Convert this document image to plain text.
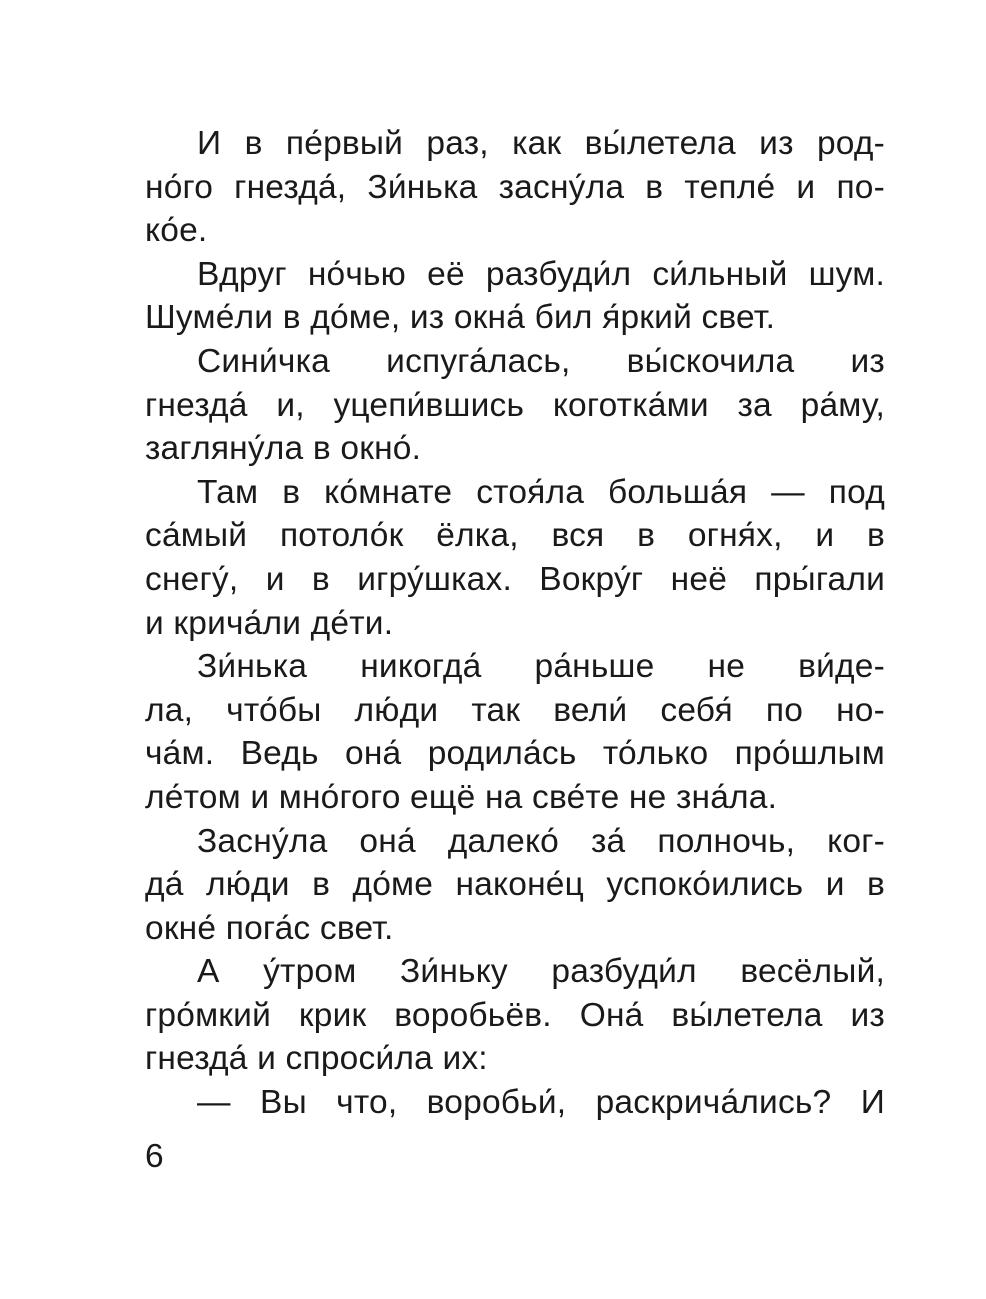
И в пе́рвый раз, как вы́летела из род-
но́го гнезда́, Зи́нька засну́ла в тепле́ и по-
ко́е.
Вдруг но́чью её разбуди́л си́льный шум.
Шуме́ли в до́ме, из окна́ бил я́ркий свет.
Сини́чка испуга́лась, вы́скочила из
гнезда́ и, уцепи́вшись коготка́ми за ра́му,
загляну́ла в окно́.
Там в ко́мнате стоя́ла больша́я — под
са́мый потоло́к ёлка, вся в огня́х, и в
снегу́, и в игру́шках. Вокру́г неё пры́гали
и крича́ли де́ти.
Зи́нька никогда́ ра́ньше не ви́де-
ла, что́бы лю́ди так вели́ себя́ по но-
ча́м. Ведь она́ родила́сь то́лько про́шлым
ле́том и мно́гого ещё на све́те не зна́ла.
Засну́ла она́ далеко́ за́ полночь, ког-
да́ лю́ди в до́ме наконе́ц успоко́ились и в
окне́ пога́с свет.
А у́тром Зи́ньку разбуди́л весёлый,
гро́мкий крик воробьёв. Она́ вы́летела из
гнезда́ и спроси́ла их:
— Вы что, воробьи́, раскрича́лись? И
6
